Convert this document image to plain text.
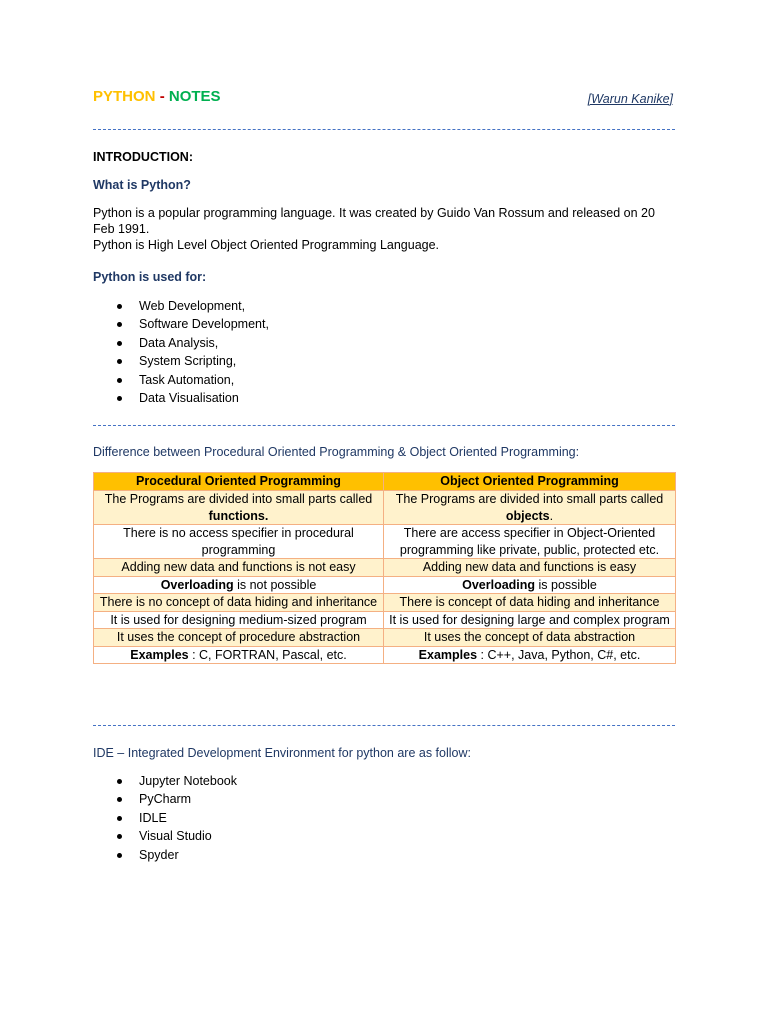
PYTHON - NOTES	[Warun Kanike]
INTRODUCTION:
What is Python?
Python is a popular programming language. It was created by Guido Van Rossum and released on 20 Feb 1991.
Python is High Level Object Oriented Programming Language.
Python is used for:
Web Development,
Software Development,
Data Analysis,
System Scripting,
Task Automation,
Data Visualisation
Difference between Procedural Oriented Programming & Object Oriented Programming:
Procedural Oriented Programming	Object Oriented Programming
The Programs are divided into small parts called functions.	The Programs are divided into small parts called objects.
There is no access specifier in procedural programming	There are access specifier in Object-Oriented programming like private, public, protected etc.
Adding new data and functions is not easy	Adding new data and functions is easy
Overloading is not possible	Overloading is possible
There is no concept of data hiding and inheritance	There is concept of data hiding and inheritance
It is used for designing medium-sized program	It is used for designing large and complex program
It uses the concept of procedure abstraction	It uses the concept of data abstraction
Examples : C, FORTRAN, Pascal, etc.	Examples : C++, Java, Python, C#, etc.
IDE – Integrated Development Environment for python are as follow:
Jupyter Notebook
PyCharm
IDLE
Visual Studio
Spyder
